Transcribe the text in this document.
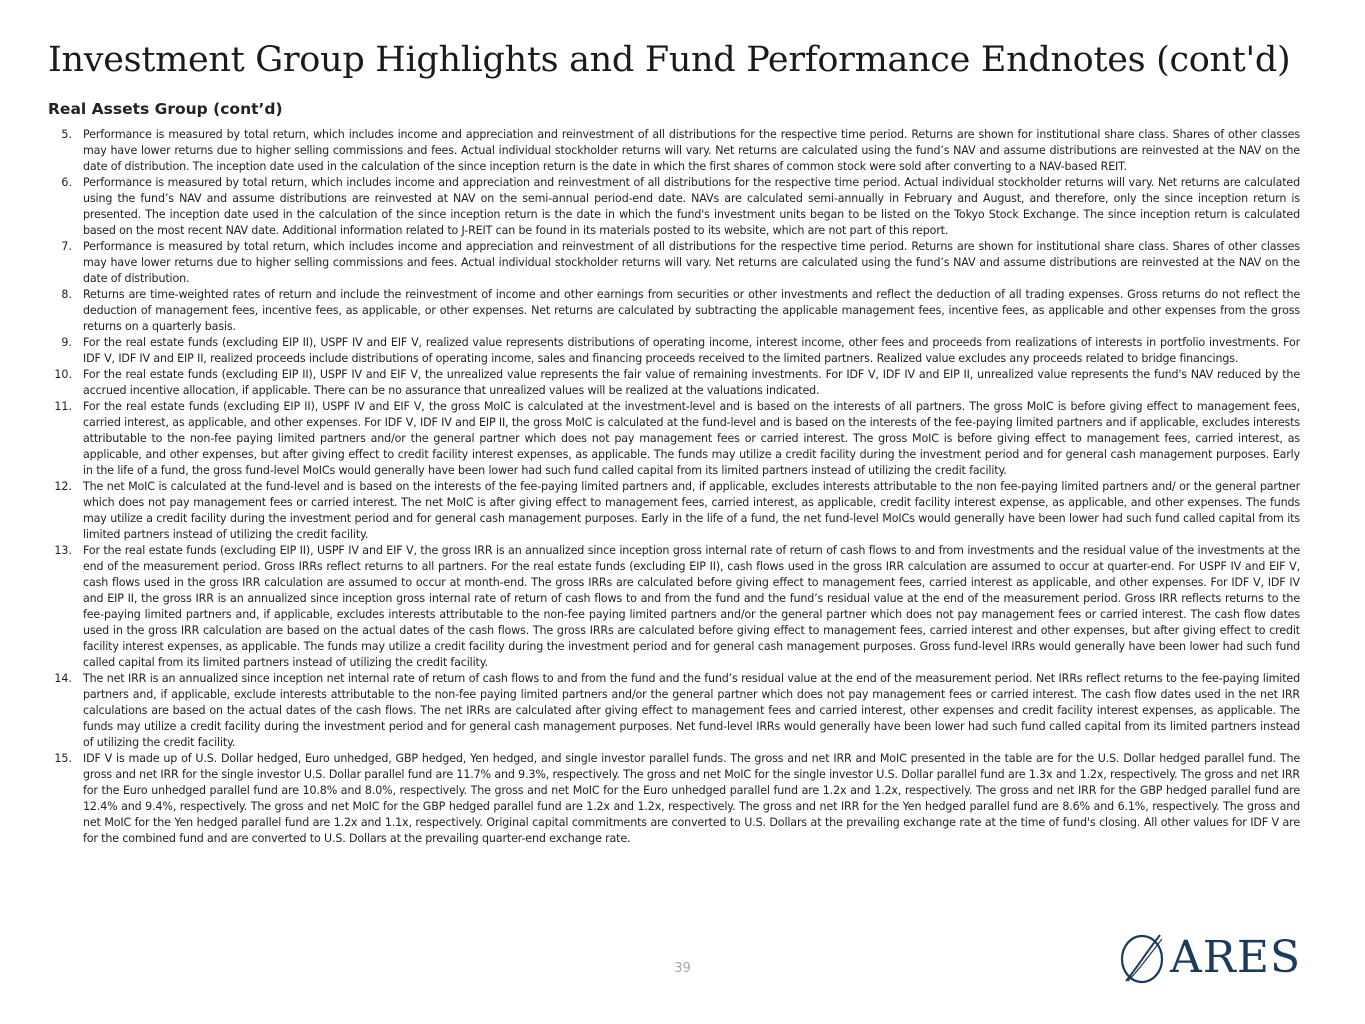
Investment Group Highlights and Fund Performance Endnotes (cont'd)
Real Assets Group (cont’d)
5. Performance is measured by total return, which includes income and appreciation and reinvestment of all distributions for the respective time period. Returns are shown for institutional share class. Shares of other classes may have lower returns due to higher selling commissions and fees. Actual individual stockholder returns will vary. Net returns are calculated using the fund’s NAV and assume distributions are reinvested at the NAV on the date of distribution. The inception date used in the calculation of the since inception return is the date in which the first shares of common stock were sold after converting to a NAV-based REIT.
6. Performance is measured by total return, which includes income and appreciation and reinvestment of all distributions for the respective time period. Actual individual stockholder returns will vary. Net returns are calculated using the fund’s NAV and assume distributions are reinvested at NAV on the semi-annual period-end date. NAVs are calculated semi-annually in February and August, and therefore, only the since inception return is presented. The inception date used in the calculation of the since inception return is the date in which the fund's investment units began to be listed on the Tokyo Stock Exchange. The since inception return is calculated based on the most recent NAV date. Additional information related to J-REIT can be found in its materials posted to its website, which are not part of this report.
7. Performance is measured by total return, which includes income and appreciation and reinvestment of all distributions for the respective time period. Returns are shown for institutional share class. Shares of other classes may have lower returns due to higher selling commissions and fees. Actual individual stockholder returns will vary. Net returns are calculated using the fund’s NAV and assume distributions are reinvested at the NAV on the date of distribution.
8. Returns are time-weighted rates of return and include the reinvestment of income and other earnings from securities or other investments and reflect the deduction of all trading expenses. Gross returns do not reflect the deduction of management fees, incentive fees, as applicable, or other expenses. Net returns are calculated by subtracting the applicable management fees, incentive fees, as applicable and other expenses from the gross returns on a quarterly basis.
9. For the real estate funds (excluding EIP II), USPF IV and EIF V, realized value represents distributions of operating income, interest income, other fees and proceeds from realizations of interests in portfolio investments. For IDF V, IDF IV and EIP II, realized proceeds include distributions of operating income, sales and financing proceeds received to the limited partners. Realized value excludes any proceeds related to bridge financings.
10. For the real estate funds (excluding EIP II), USPF IV and EIF V, the unrealized value represents the fair value of remaining investments. For IDF V, IDF IV and EIP II, unrealized value represents the fund's NAV reduced by the accrued incentive allocation, if applicable. There can be no assurance that unrealized values will be realized at the valuations indicated.
11. For the real estate funds (excluding EIP II), USPF IV and EIF V, the gross MoIC is calculated at the investment-level and is based on the interests of all partners. The gross MoIC is before giving effect to management fees, carried interest, as applicable, and other expenses. For IDF V, IDF IV and EIP II, the gross MoIC is calculated at the fund-level and is based on the interests of the fee-paying limited partners and if applicable, excludes interests attributable to the non-fee paying limited partners and/or the general partner which does not pay management fees or carried interest. The gross MoIC is before giving effect to management fees, carried interest, as applicable, and other expenses, but after giving effect to credit facility interest expenses, as applicable. The funds may utilize a credit facility during the investment period and for general cash management purposes. Early in the life of a fund, the gross fund-level MoICs would generally have been lower had such fund called capital from its limited partners instead of utilizing the credit facility.
12. The net MoIC is calculated at the fund-level and is based on the interests of the fee-paying limited partners and, if applicable, excludes interests attributable to the non fee-paying limited partners and/ or the general partner which does not pay management fees or carried interest. The net MoIC is after giving effect to management fees, carried interest, as applicable, credit facility interest expense, as applicable, and other expenses. The funds may utilize a credit facility during the investment period and for general cash management purposes. Early in the life of a fund, the net fund-level MoICs would generally have been lower had such fund called capital from its limited partners instead of utilizing the credit facility.
13. For the real estate funds (excluding EIP II), USPF IV and EIF V, the gross IRR is an annualized since inception gross internal rate of return of cash flows to and from investments and the residual value of the investments at the end of the measurement period. Gross IRRs reflect returns to all partners. For the real estate funds (excluding EIP II), cash flows used in the gross IRR calculation are assumed to occur at quarter-end. For USPF IV and EIF V, cash flows used in the gross IRR calculation are assumed to occur at month-end. The gross IRRs are calculated before giving effect to management fees, carried interest as applicable, and other expenses. For IDF V, IDF IV and EIP II, the gross IRR is an annualized since inception gross internal rate of return of cash flows to and from the fund and the fund’s residual value at the end of the measurement period. Gross IRR reflects returns to the fee-paying limited partners and, if applicable, excludes interests attributable to the non-fee paying limited partners and/or the general partner which does not pay management fees or carried interest. The cash flow dates used in the gross IRR calculation are based on the actual dates of the cash flows. The gross IRRs are calculated before giving effect to management fees, carried interest and other expenses, but after giving effect to credit facility interest expenses, as applicable. The funds may utilize a credit facility during the investment period and for general cash management purposes. Gross fund-level IRRs would generally have been lower had such fund called capital from its limited partners instead of utilizing the credit facility.
14. The net IRR is an annualized since inception net internal rate of return of cash flows to and from the fund and the fund’s residual value at the end of the measurement period. Net IRRs reflect returns to the fee-paying limited partners and, if applicable, exclude interests attributable to the non-fee paying limited partners and/or the general partner which does not pay management fees or carried interest. The cash flow dates used in the net IRR calculations are based on the actual dates of the cash flows. The net IRRs are calculated after giving effect to management fees and carried interest, other expenses and credit facility interest expenses, as applicable. The funds may utilize a credit facility during the investment period and for general cash management purposes. Net fund-level IRRs would generally have been lower had such fund called capital from its limited partners instead of utilizing the credit facility.
15. IDF V is made up of U.S. Dollar hedged, Euro unhedged, GBP hedged, Yen hedged, and single investor parallel funds. The gross and net IRR and MoIC presented in the table are for the U.S. Dollar hedged parallel fund. The gross and net IRR for the single investor U.S. Dollar parallel fund are 11.7% and 9.3%, respectively. The gross and net MoIC for the single investor U.S. Dollar parallel fund are 1.3x and 1.2x, respectively. The gross and net IRR for the Euro unhedged parallel fund are 10.8% and 8.0%, respectively. The gross and net MoIC for the Euro unhedged parallel fund are 1.2x and 1.2x, respectively. The gross and net IRR for the GBP hedged parallel fund are 12.4% and 9.4%, respectively. The gross and net MoIC for the GBP hedged parallel fund are 1.2x and 1.2x, respectively. The gross and net IRR for the Yen hedged parallel fund are 8.6% and 6.1%, respectively. The gross and net MoIC for the Yen hedged parallel fund are 1.2x and 1.1x, respectively. Original capital commitments are converted to U.S. Dollars at the prevailing exchange rate at the time of fund's closing. All other values for IDF V are for the combined fund and are converted to U.S. Dollars at the prevailing quarter-end exchange rate.
39	ARES
